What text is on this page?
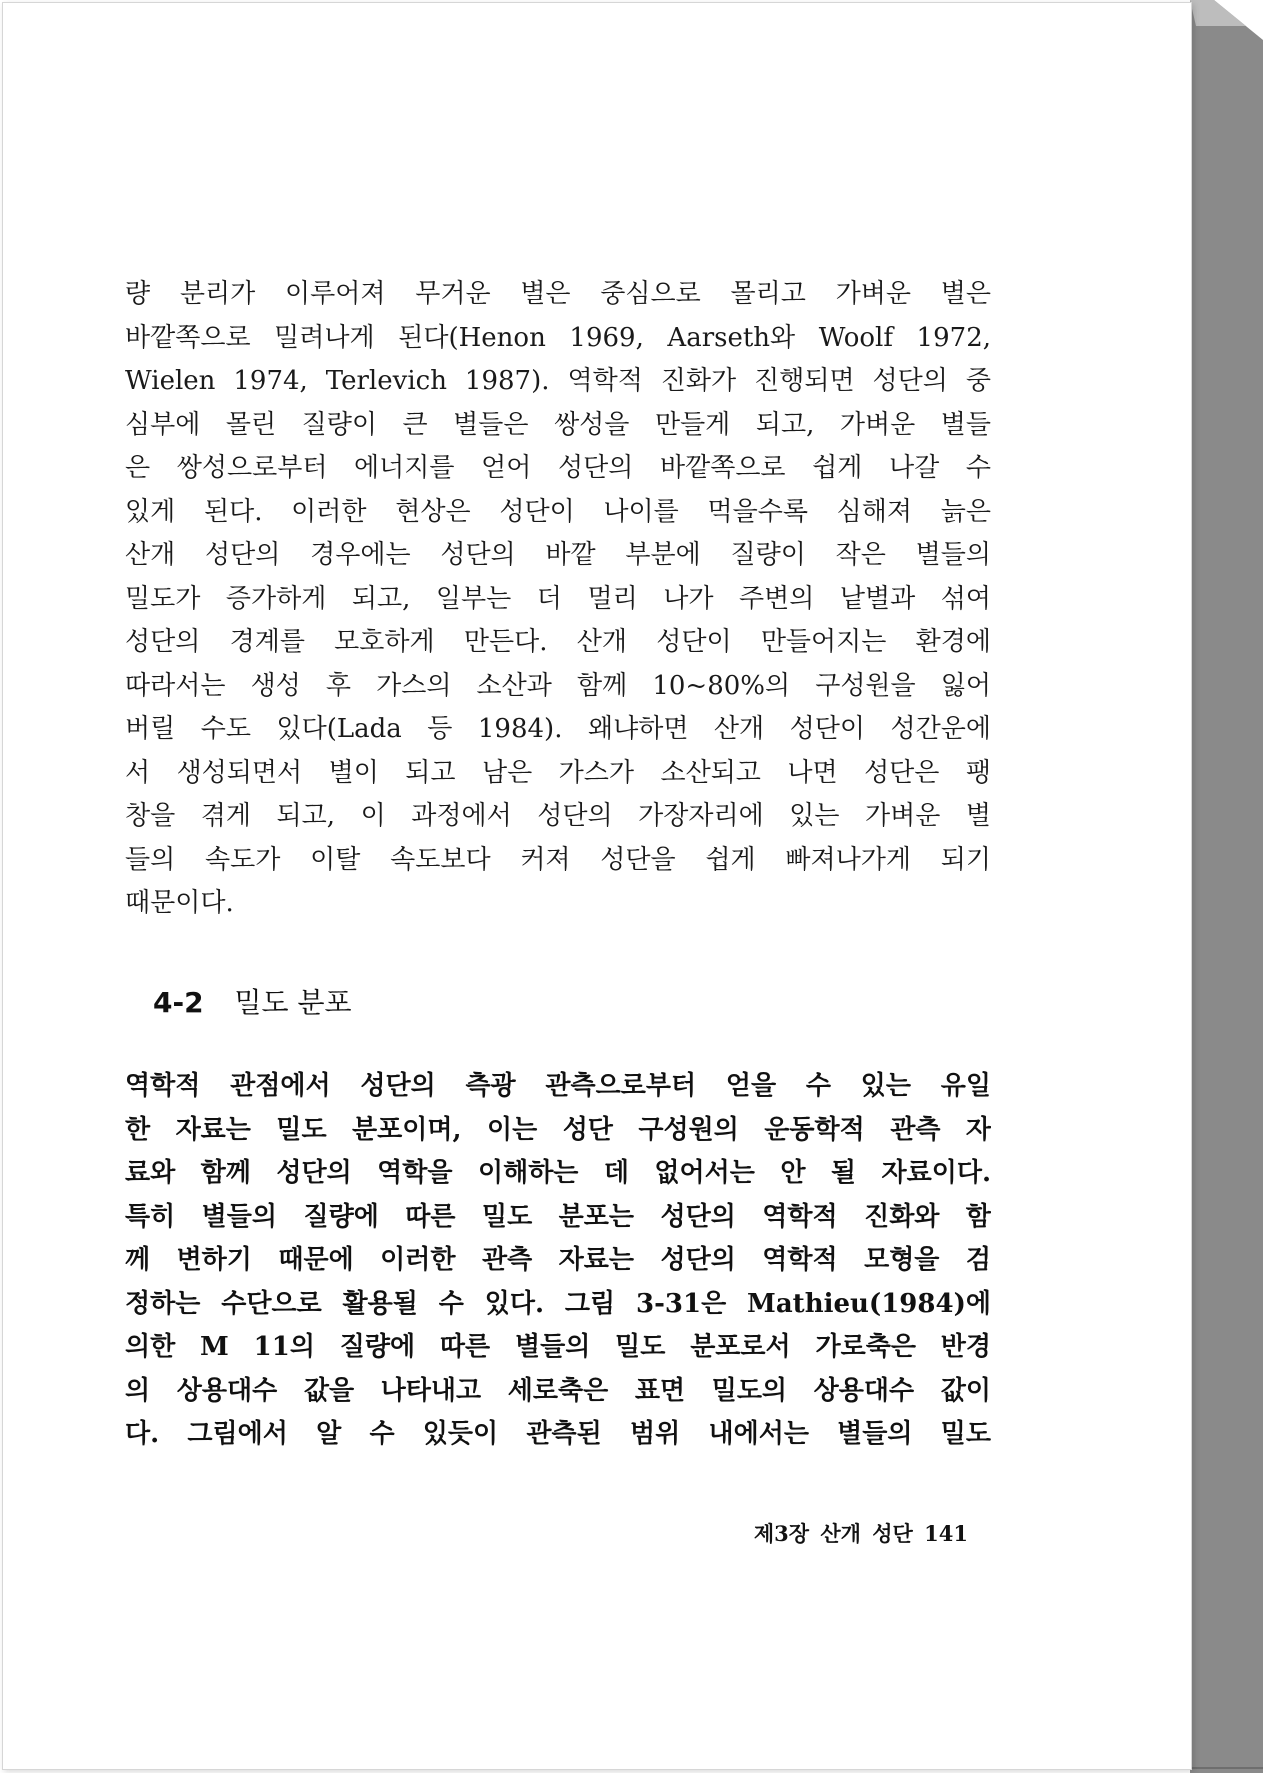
량 분리가 이루어져 무거운 별은 중심으로 몰리고 가벼운 별은
바깥쪽으로 밀려나게 된다(Henon 1969, Aarseth와 Woolf 1972,
Wielen 1974, Terlevich 1987). 역학적 진화가 진행되면 성단의 중
심부에 몰린 질량이 큰 별들은 쌍성을 만들게 되고, 가벼운 별들
은 쌍성으로부터 에너지를 얻어 성단의 바깥쪽으로 쉽게 나갈 수
있게 된다. 이러한 현상은 성단이 나이를 먹을수록 심해져 늙은
산개 성단의 경우에는 성단의 바깥 부분에 질량이 작은 별들의
밀도가 증가하게 되고, 일부는 더 멀리 나가 주변의 낱별과 섞여
성단의 경계를 모호하게 만든다. 산개 성단이 만들어지는 환경에
따라서는 생성 후 가스의 소산과 함께 10~80%의 구성원을 잃어
버릴 수도 있다(Lada 등 1984). 왜냐하면 산개 성단이 성간운에
서 생성되면서 별이 되고 남은 가스가 소산되고 나면 성단은 팽
창을 겪게 되고, 이 과정에서 성단의 가장자리에 있는 가벼운 별
들의 속도가 이탈 속도보다 커져 성단을 쉽게 빠져나가게 되기
때문이다.
4-2 밀도 분포
역학적 관점에서 성단의 측광 관측으로부터 얻을 수 있는 유일
한 자료는 밀도 분포이며, 이는 성단 구성원의 운동학적 관측 자
료와 함께 성단의 역학을 이해하는 데 없어서는 안 될 자료이다.
특히 별들의 질량에 따른 밀도 분포는 성단의 역학적 진화와 함
께 변하기 때문에 이러한 관측 자료는 성단의 역학적 모형을 검
정하는 수단으로 활용될 수 있다. 그림 3-31은 Mathieu(1984)에
의한 M 11의 질량에 따른 별들의 밀도 분포로서 가로축은 반경
의 상용대수 값을 나타내고 세로축은 표면 밀도의 상용대수 값이
다. 그림에서 알 수 있듯이 관측된 범위 내에서는 별들의 밀도
제3장 산개 성단 141
